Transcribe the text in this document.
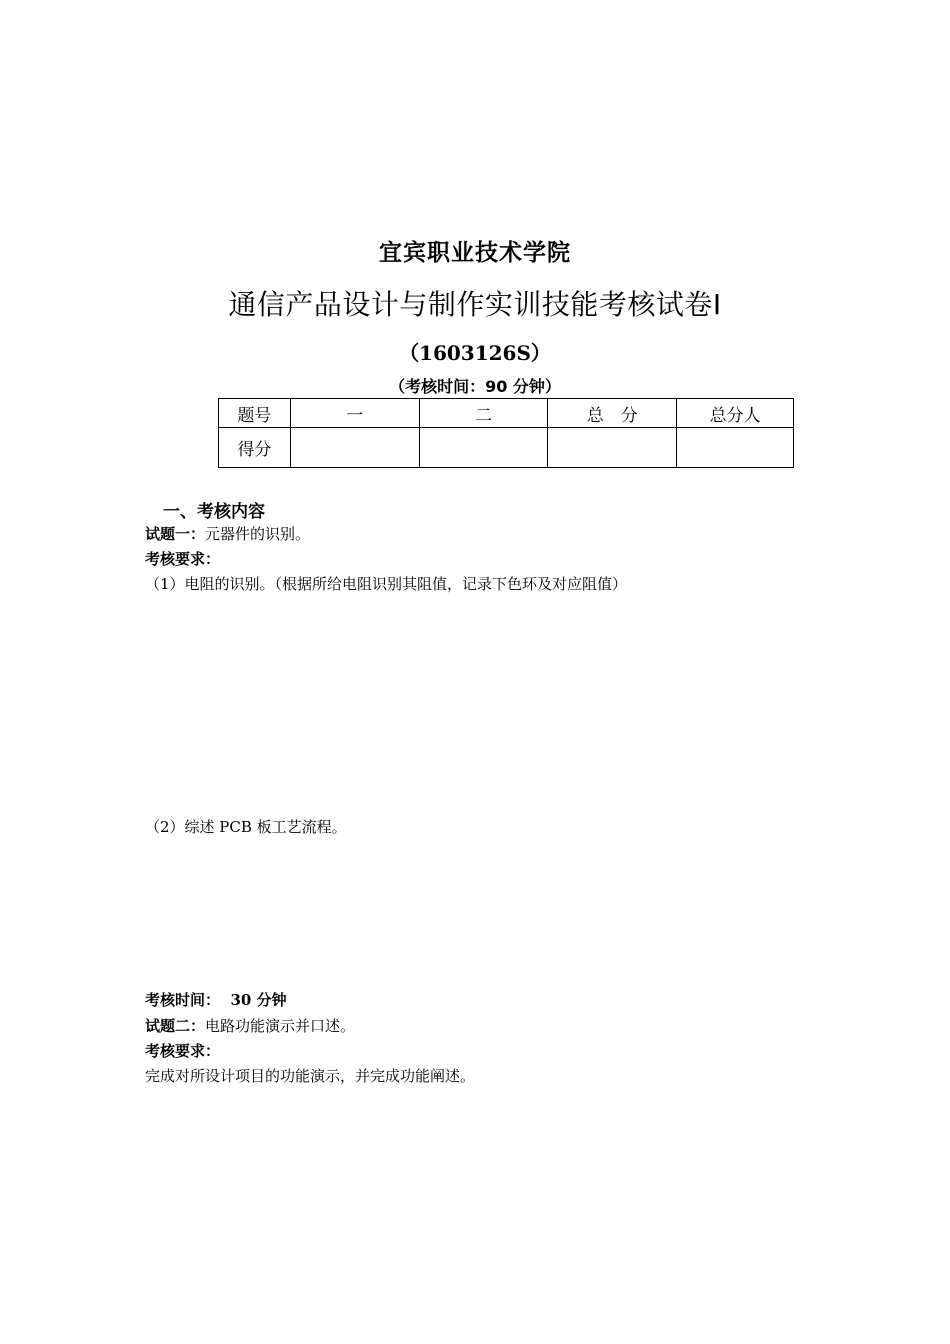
宜宾职业技术学院
通信产品设计与制作实训技能考核试卷Ⅰ
（1603126S）
（考核时间：90 分钟）
题号	一	二	总　分	总分人
得分				
一、考核内容
试题一：元器件的识别。
考核要求：
（1）电阻的识别。（根据所给电阻识别其阻值，记录下色环及对应阻值）
（2）综述 PCB 板工艺流程。
考核时间： 30 分钟
试题二：电路功能演示并口述。
考核要求：
完成对所设计项目的功能演示，并完成功能阐述。
